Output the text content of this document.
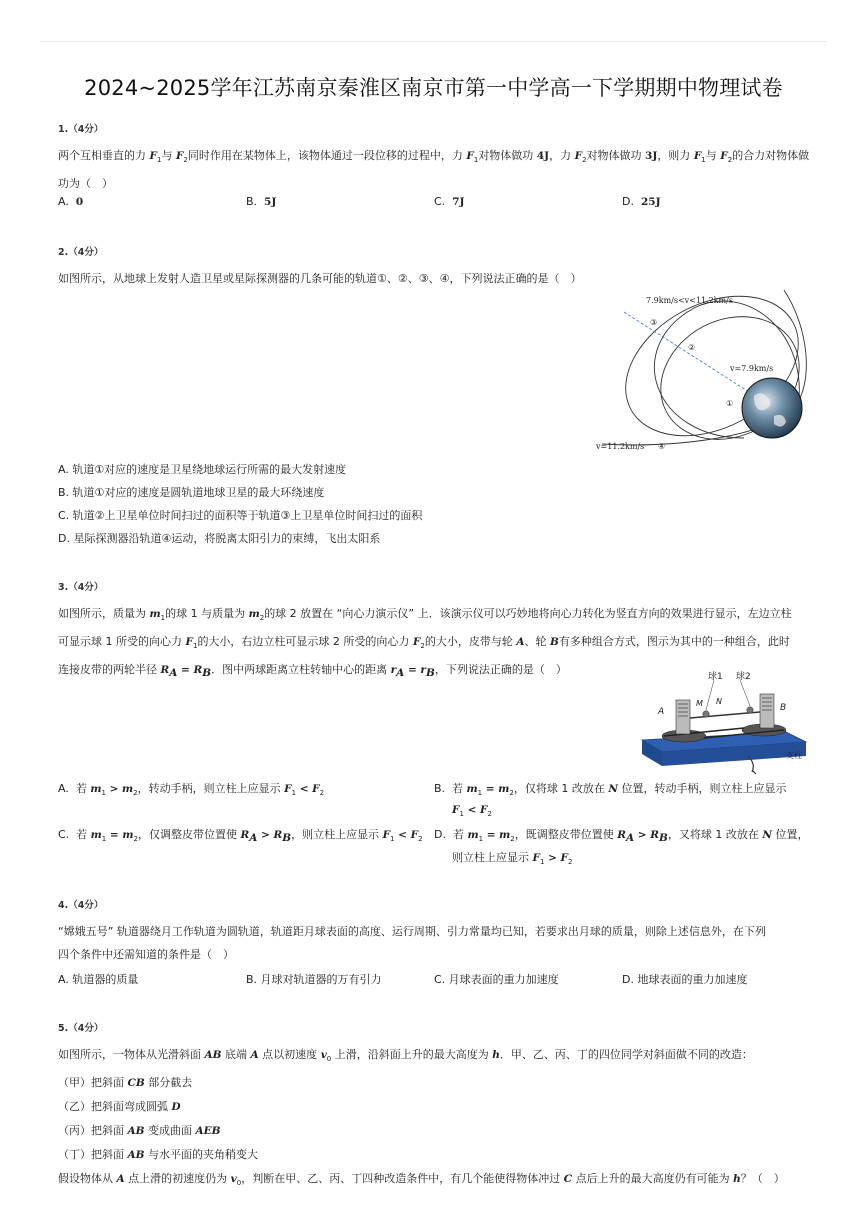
2024~2025学年江苏南京秦淮区南京市第一中学高一下学期期中物理试卷
1.（4分）
两个互相垂直的力 $F_1$与 $F_2$同时作用在某物体上，该物体通过一段位移的过程中，力 $F_1$对物体做功 4J，力 $F_2$对物体做功 3J，则力 $F_1$与 $F_2$的合力对物体做功为（　）
A. 0	B. 5J	C. 7J	D. 25J
2.（4分）
如图所示，从地球上发射人造卫星或星际探测器的几条可能的轨道①、②、③、④，下列说法正确的是（　）
7.9km/s<v<11.2km/s
v=7.9km/s
v=11.2km/s ④
③
②
①
A. 轨道①对应的速度是卫星绕地球运行所需的最大发射速度
B. 轨道①对应的速度是圆轨道地球卫星的最大环绕速度
C. 轨道②上卫星单位时间扫过的面积等于轨道③上卫星单位时间扫过的面积
D. 星际探测器沿轨道④运动，将脱离太阳引力的束缚，飞出太阳系
3.（4分）
如图所示，质量为 $m_1$的球 1 与质量为 $m_2$的球 2 放置在 “向心力演示仪” 上．该演示仪可以巧妙地将向心力转化为竖直方向的效果进行显示，左边立柱
可显示球 1 所受的向心力 $F_1$的大小，右边立柱可显示球 2 所受的向心力 $F_2$的大小，皮带与轮 A、轮 B有多种组合方式，图示为其中的一种组合，此时
连接皮带的两轮半径 $R_A = R_B$．图中两球距离立柱转轴中心的距离 $r_A = r_B$，下列说法正确的是（　）
球1 球2
A	B
M N
支柱
A.  若 $m_1 > m_2$，转动手柄，则立柱上应显示 $F_1 < F_2$	B.  若 $m_1 = m_2$，仅将球 1 改放在 N 位置，转动手柄，则立柱上应显示
$F_1 < F_2$
C.  若 $m_1 = m_2$，仅调整皮带位置使 $R_A > R_B$，则立柱上应显示 $F_1 < F_2$ D.  若 $m_1 = m_2$，既调整皮带位置使 $R_A > R_B$，又将球 1 改放在 N 位置，
则立柱上应显示 $F_1 > F_2$
4.（4分）
“嫦娥五号” 轨道器绕月工作轨道为圆轨道，轨道距月球表面的高度、运行周期、引力常量均已知，若要求出月球的质量，则除上述信息外，在下列
四个条件中还需知道的条件是（　）
A. 轨道器的质量	B. 月球对轨道器的万有引力	C. 月球表面的重力加速度	D. 地球表面的重力加速度
5.（4分）
如图所示，一物体从光滑斜面 AB 底端 A 点以初速度 $v_0$ 上滑，沿斜面上升的最大高度为 h．甲、乙、丙、丁的四位同学对斜面做不同的改造：
（甲）把斜面 CB 部分截去
（乙）把斜面弯成圆弧 D
（丙）把斜面 AB 变成曲面 AEB
（丁）把斜面 AB 与水平面的夹角稍变大
假设物体从 A 点上滑的初速度仍为 $v_0$，判断在甲、乙、丙、丁四种改造条件中，有几个能使得物体冲过 C 点后上升的最大高度仍有可能为 h？（　）
